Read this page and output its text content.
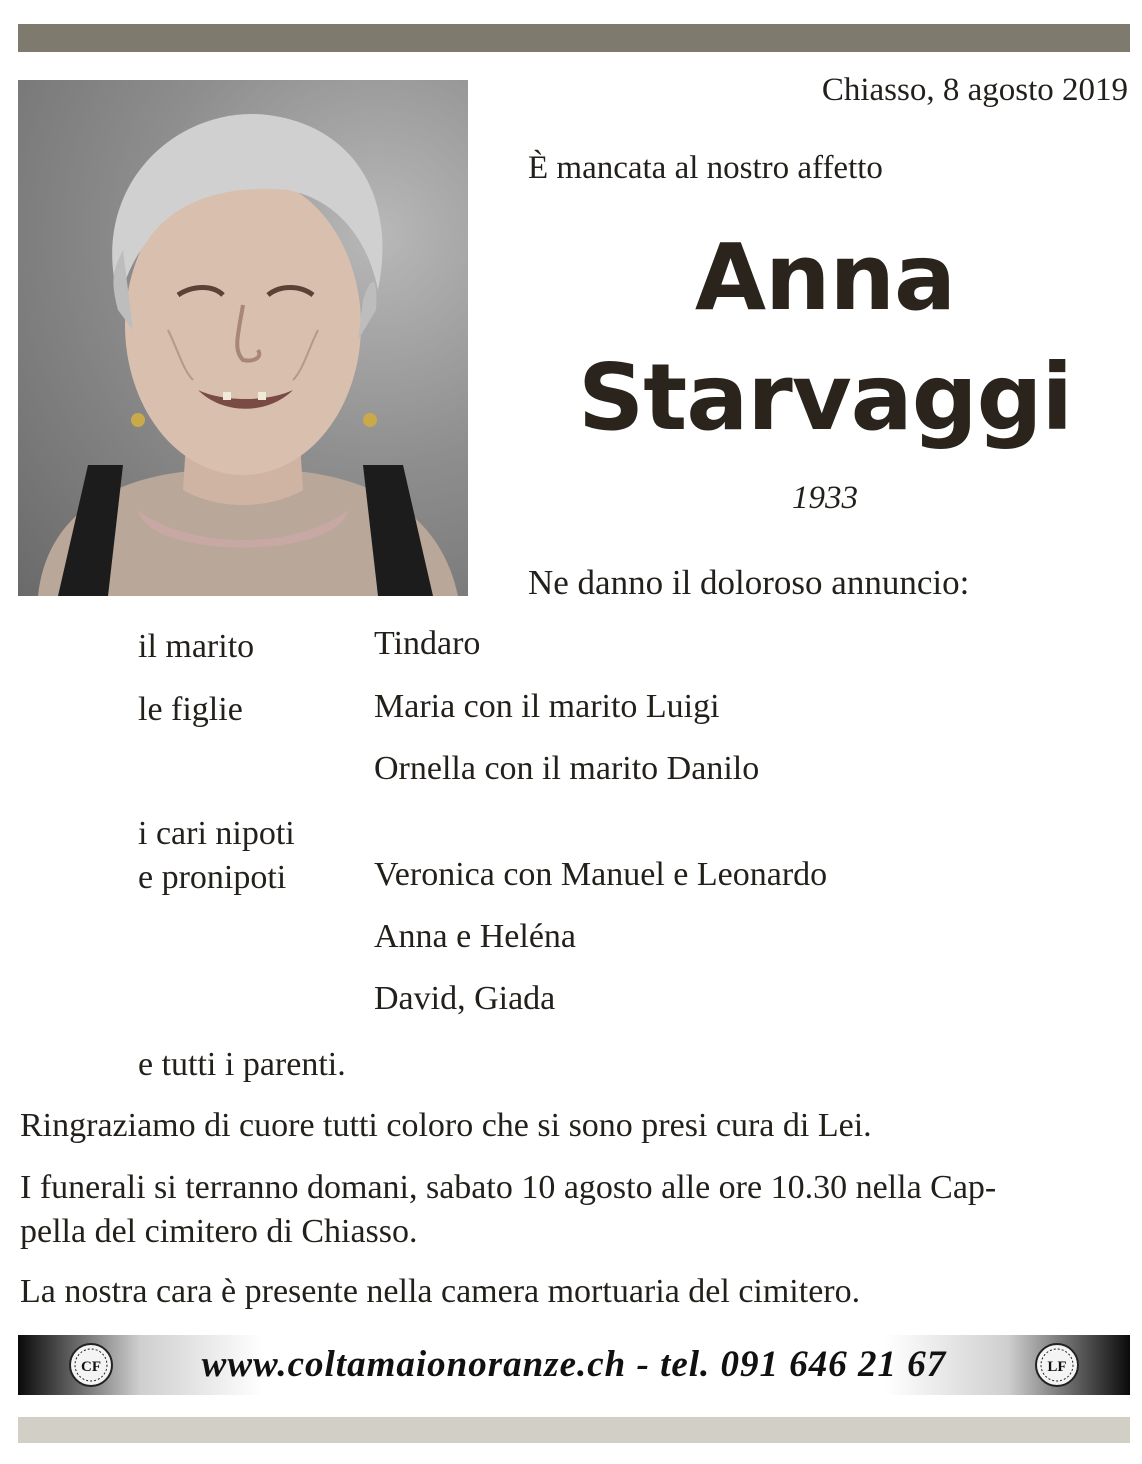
Chiasso, 8 agosto 2019
È mancata al nostro affetto
Anna
Starvaggi
1933
Ne danno il doloroso annuncio:
il marito	Tindaro
le figlie	Maria con il marito Luigi
Ornella con il marito Danilo
i cari nipoti
e pronipoti	Veronica con Manuel e Leonardo
Anna e Heléna
David, Giada
e tutti i parenti.
Ringraziamo di cuore tutti coloro che si sono presi cura di Lei.
I funerali si terranno domani, sabato 10 agosto alle ore 10.30 nella Cap-
pella del cimitero di Chiasso.
La nostra cara è presente nella camera mortuaria del cimitero.
CF	www.coltamaionoranze.ch - tel. 091 646 21 67	LF
